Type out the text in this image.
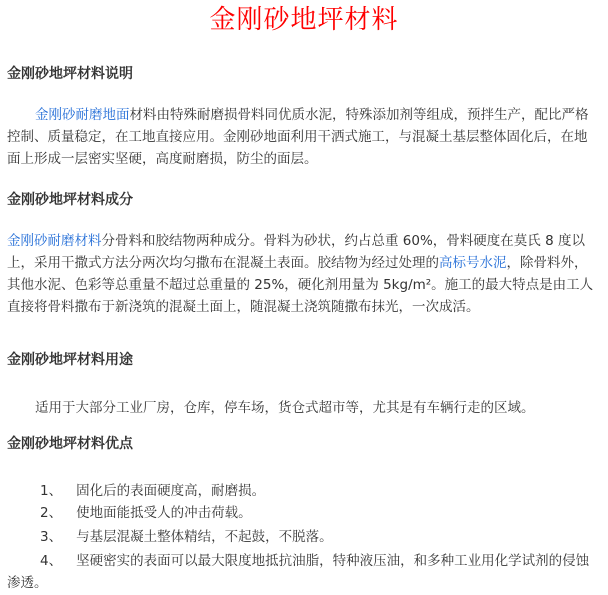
金刚砂地坪材料
金刚砂地坪材料说明

金刚砂耐磨地面材料由特殊耐磨损骨料同优质水泥，特殊添加剂等组成，预拌生产，配比严格控制、质量稳定，在工地直接应用。金刚砂地面利用干洒式施工，与混凝土基层整体固化后，在地面上形成一层密实坚硬，高度耐磨损，防尘的面层。

金刚砂地坪材料成分

金刚砂耐磨材料分骨料和胶结物两种成分。骨料为砂状，约占总重 60%，骨料硬度在莫氏 8 度以上，采用干撒式方法分两次均匀撒布在混凝土表面。胶结物为经过处理的高标号水泥，除骨料外，其他水泥、色彩等总重量不超过总重量的 25%，硬化剂用量为 5kg/m²。施工的最大特点是由工人直接将骨料撒布于新浇筑的混凝土面上，随混凝土浇筑随撒布抹光，一次成活。

金刚砂地坪材料用途

适用于大部分工业厂房，仓库，停车场，货仓式超市等，尤其是有车辆行走的区域。

金刚砂地坪材料优点

1、 固化后的表面硬度高，耐磨损。

2、 使地面能抵受人的冲击荷载。

3、 与基层混凝土整体精结，不起鼓，不脱落。

4、 坚硬密实的表面可以最大限度地抵抗油脂，特种液压油，和多种工业用化学试剂的侵蚀渗透。
